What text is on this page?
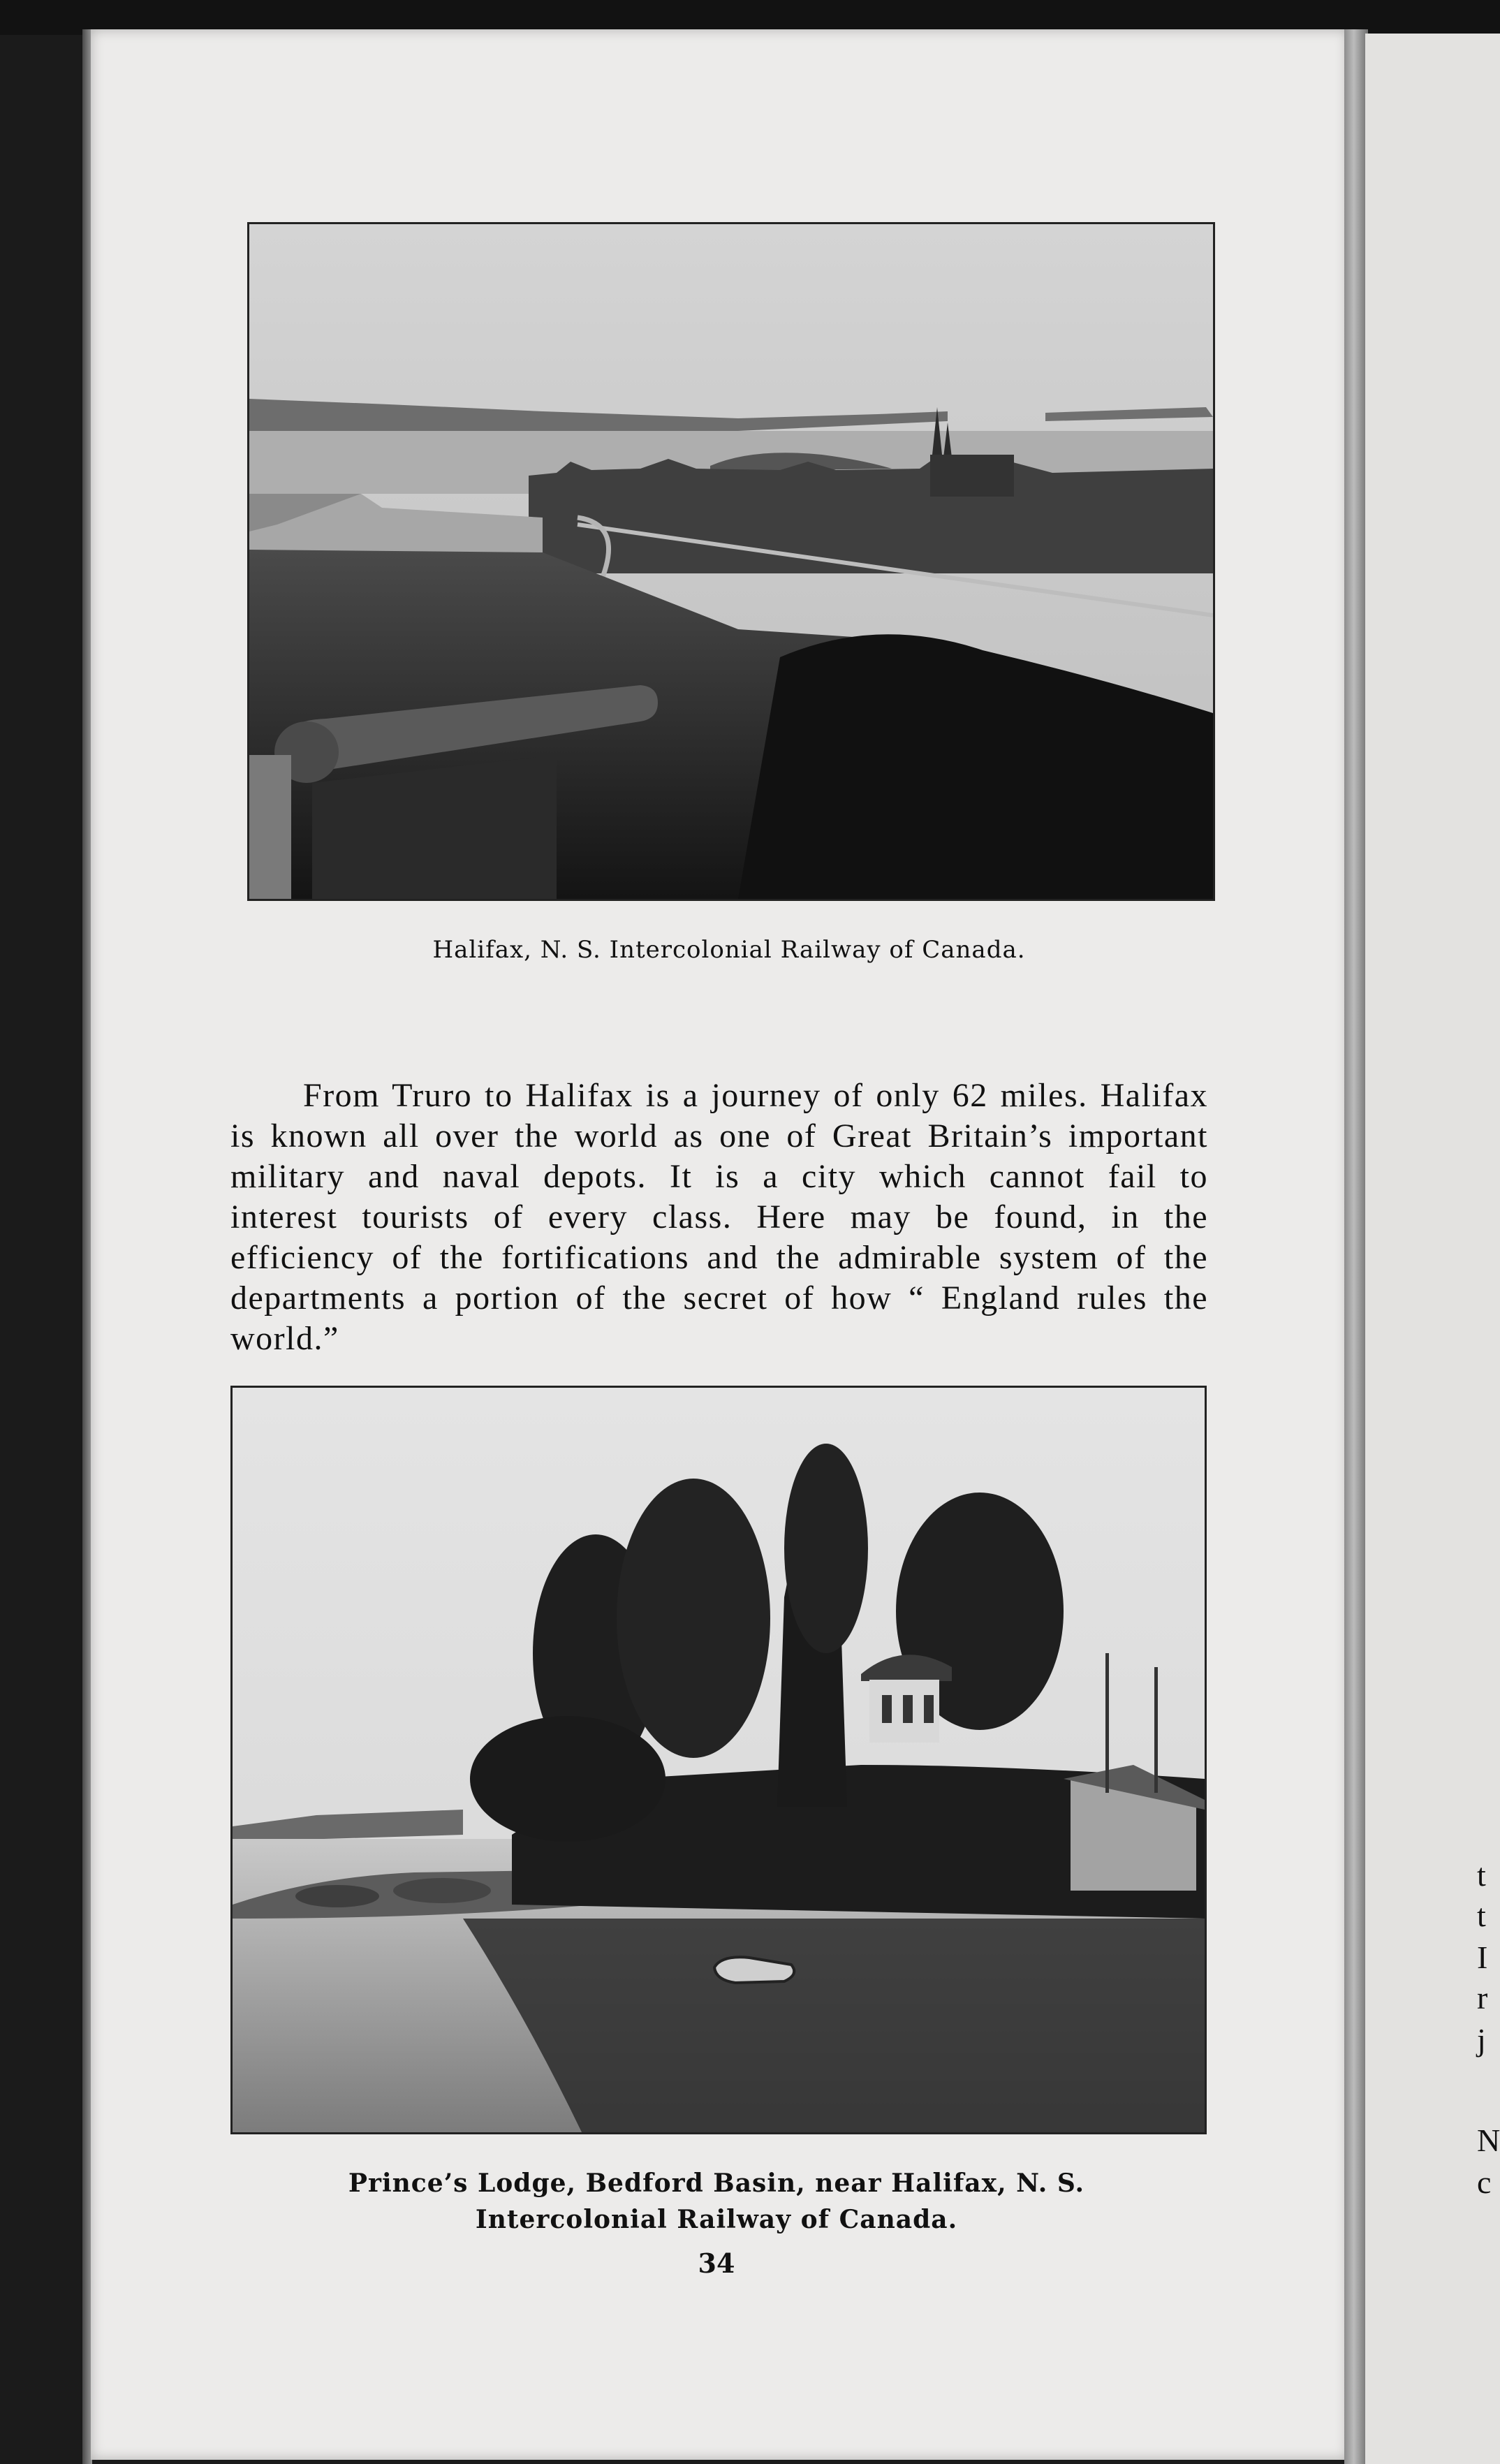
t
t
I
r
j
N
c
Halifax, N. S. Intercolonial Railway of Canada.

From Truro to Halifax is a journey of only 62 miles. Halifax is known all over the world as one of Great Britain’s important military and naval depots. It is a city which cannot fail to interest tourists of every class. Here may be found, in the efficiency of the fortifications and the admirable system of the departments a portion of the secret of how “ England rules the world.”

Prince’s Lodge, Bedford Basin, near Halifax, N. S.
Intercolonial Railway of Canada.
34
